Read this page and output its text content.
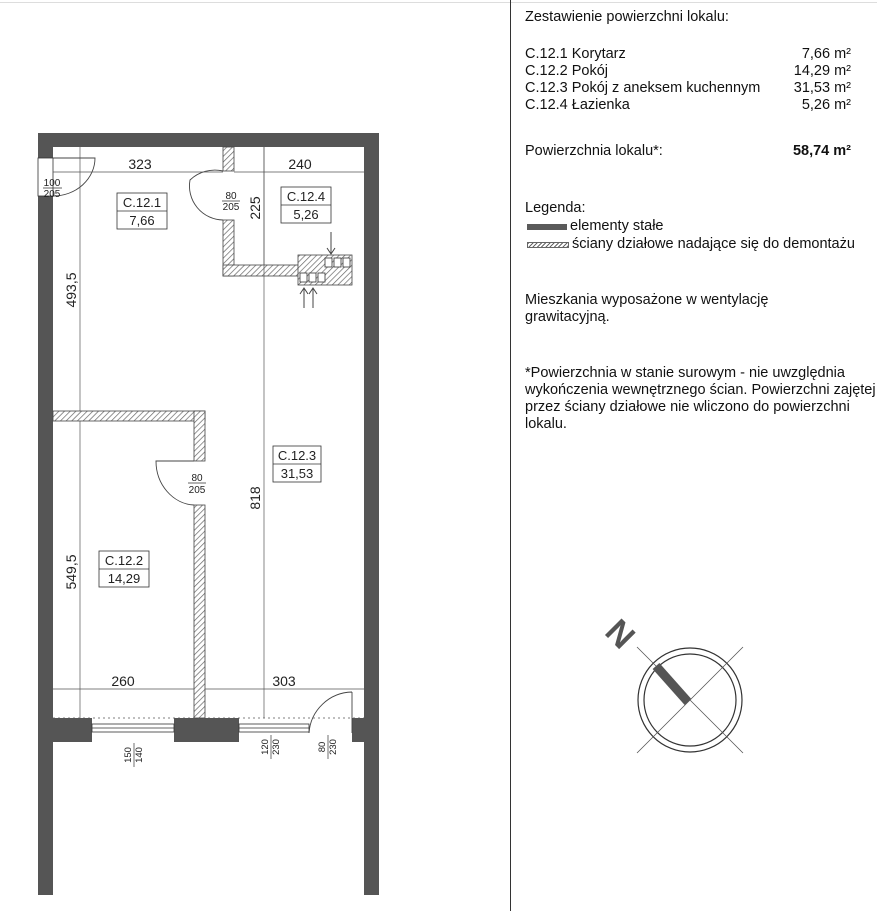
323	240
260	303
493,5
549,5
225
818
100
205	80
205
80
205
150 140
120 230	80 230
C.12.1
7,66
C.12.4
5,26
C.12.3
31,53
C.12.2
14,29
Zestawienie powierzchni lokalu:
C.12.1 Korytarz	7,66 m²
C.12.2 Pokój	14,29 m²
C.12.3 Pokój z aneksem kuchennym 31,53 m²
C.12.4 Łazienka	5,26 m²
Powierzchnia lokalu*:	58,74 m²
Legenda:
elementy stałe
ściany działowe nadające się do demontażu
Mieszkania wyposażone w wentylację grawitacyjną.
*Powierzchnia w stanie surowym - nie uwzględnia wykończenia wewnętrznego ścian. Powierzchni zajętej przez ściany działowe nie wliczono do powierzchni lokalu.
N
